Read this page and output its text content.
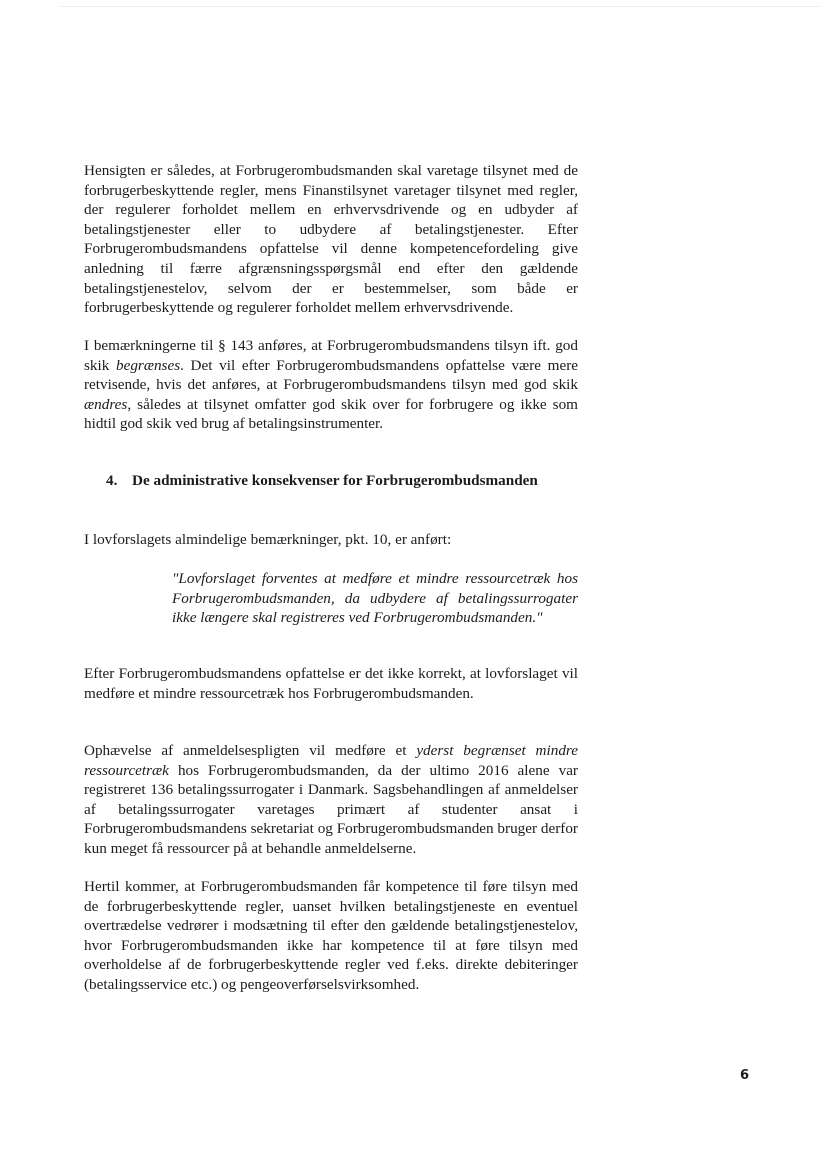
Hensigten er således, at Forbrugerombudsmanden skal varetage tilsynet med de forbrugerbeskyttende regler, mens Finanstilsynet varetager tilsynet med regler, der regulerer forholdet mellem en erhvervsdrivende og en udbyder af betalingstjenester eller to udbydere af betalingstjenester. Efter Forbrugerombudsmandens opfattelse vil denne kompetencefordeling give anledning til færre afgrænsningsspørgsmål end efter den gældende betalingstjenestelov, selvom der er bestemmelser, som både er forbrugerbeskyttende og regulerer forholdet mellem erhvervsdrivende.

I bemærkningerne til § 143 anføres, at Forbrugerombudsmandens tilsyn ift. god skik begrænses. Det vil efter Forbrugerombudsmandens opfattelse være mere retvisende, hvis det anføres, at Forbrugerombudsmandens tilsyn med god skik ændres, således at tilsynet omfatter god skik over for forbrugere og ikke som hidtil god skik ved brug af betalingsinstrumenter.

4. De administrative konsekvenser for Forbrugerombudsmanden

I lovforslagets almindelige bemærkninger, pkt. 10, er anført:

"Lovforslaget forventes at medføre et mindre ressourcetræk hos Forbrugerombudsmanden, da udbydere af betalingssurrogater ikke længere skal registreres ved Forbrugerombudsmanden."

Efter Forbrugerombudsmandens opfattelse er det ikke korrekt, at lovforslaget vil medføre et mindre ressourcetræk hos Forbrugerombudsmanden.

Ophævelse af anmeldelsespligten vil medføre et yderst begrænset mindre ressourcetræk hos Forbrugerombudsmanden, da der ultimo 2016 alene var registreret 136 betalingssurrogater i Danmark. Sagsbehandlingen af anmeldelser af betalingssurrogater varetages primært af studenter ansat i Forbrugerombudsmandens sekretariat og Forbrugerombudsmanden bruger derfor kun meget få ressourcer på at behandle anmeldelserne.

Hertil kommer, at Forbrugerombudsmanden får kompetence til føre tilsyn med de forbrugerbeskyttende regler, uanset hvilken betalingstjeneste en eventuel overtrædelse vedrører i modsætning til efter den gældende betalingstjenestelov, hvor Forbrugerombudsmanden ikke har kompetence til at føre tilsyn med overholdelse af de forbrugerbeskyttende regler ved f.eks. direkte debiteringer (betalingsservice etc.) og pengeoverførselsvirksomhed.

6
